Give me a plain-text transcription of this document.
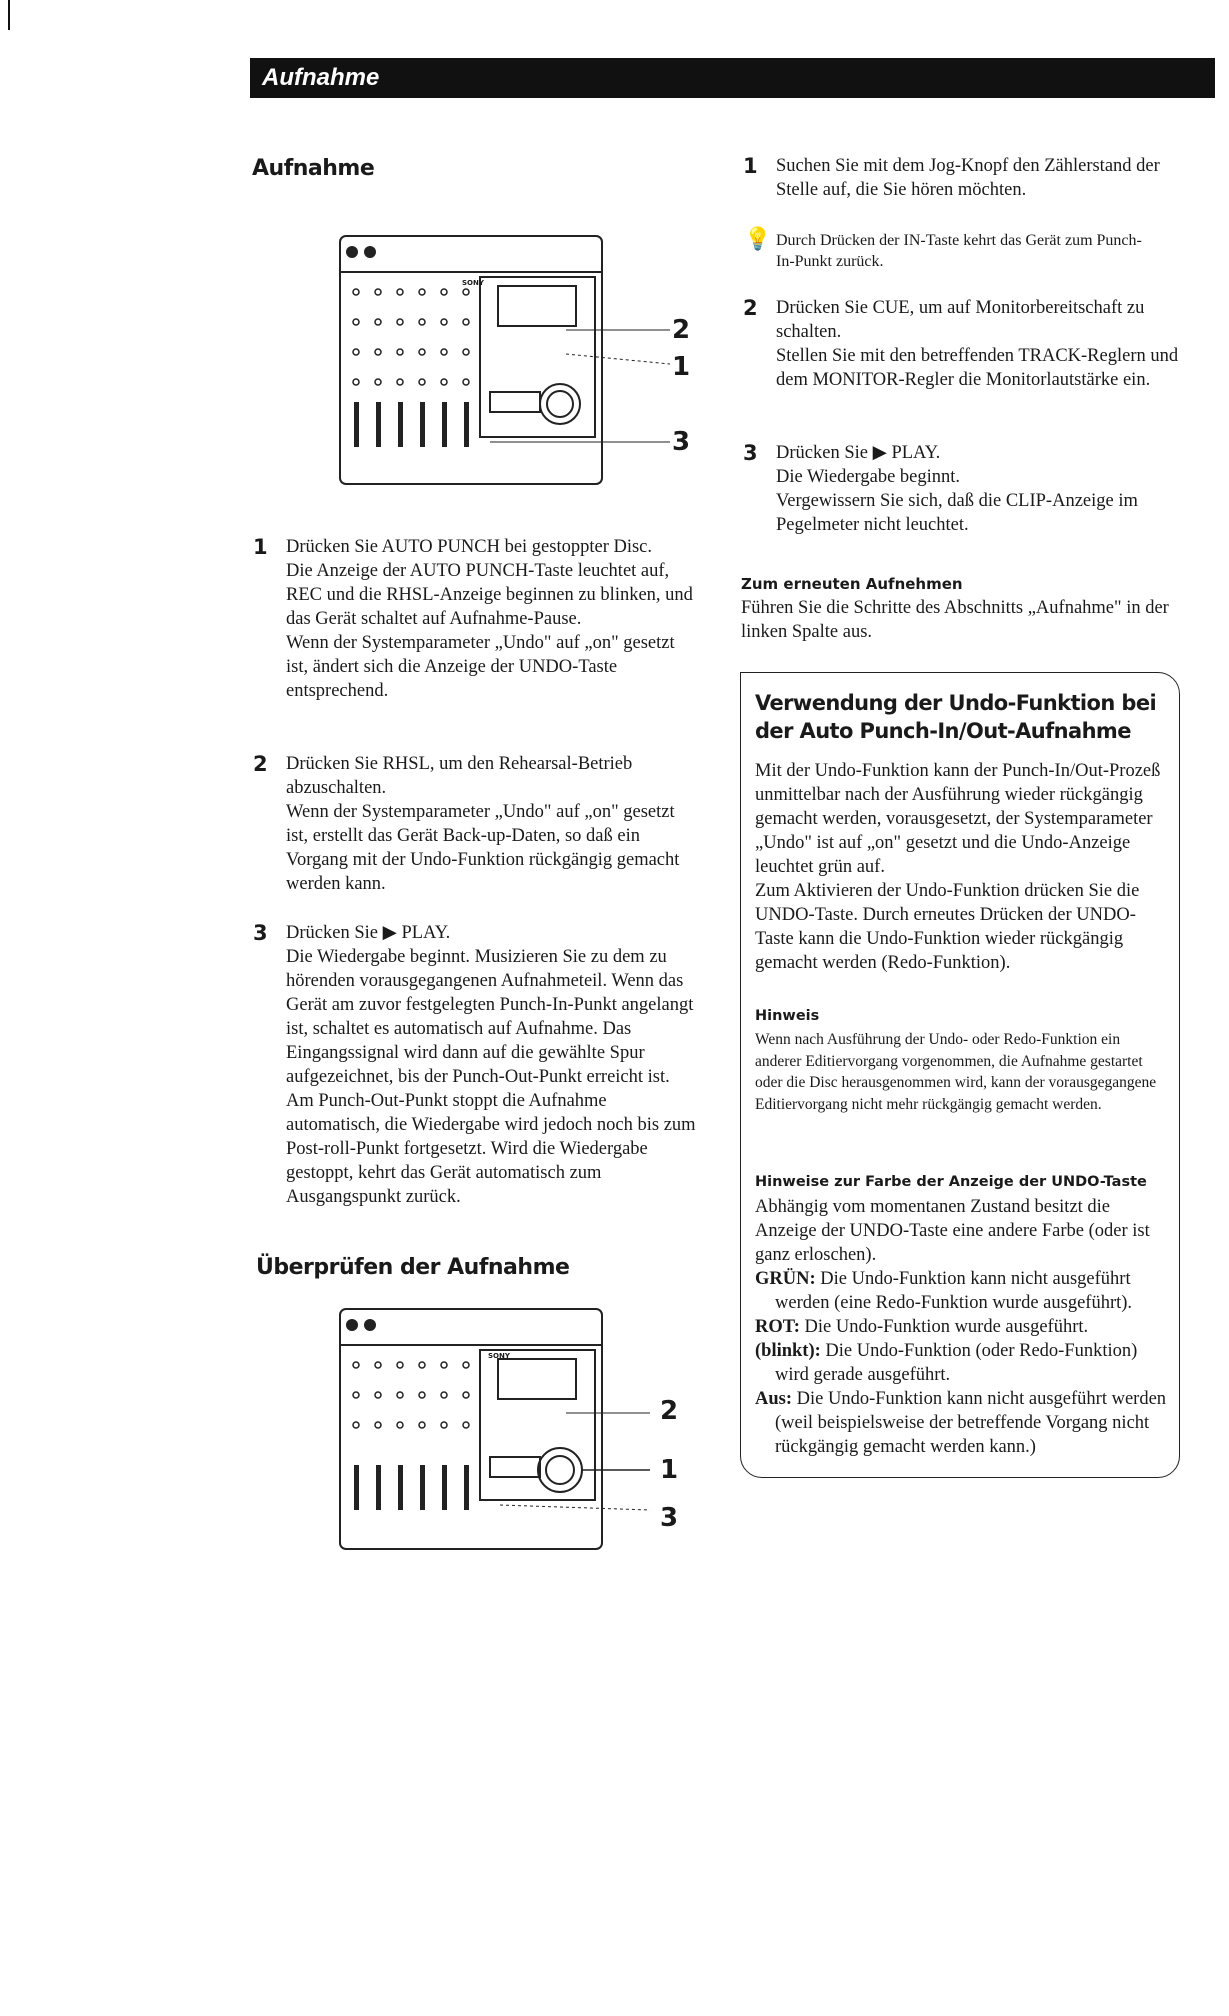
Aufnahme
Aufnahme
SONY
2
1
3
1 Drücken Sie AUTO PUNCH bei gestoppter Disc.

Die Anzeige der AUTO PUNCH-Taste leuchtet auf, REC und die RHSL-Anzeige beginnen zu blinken, und das Gerät schaltet auf Aufnahme-Pause.

Wenn der Systemparameter „Undo" auf „on" gesetzt ist, ändert sich die Anzeige der UNDO-Taste entsprechend.

2 Drücken Sie RHSL, um den Rehearsal-Betrieb abzuschalten.

Wenn der Systemparameter „Undo" auf „on" gesetzt ist, erstellt das Gerät Back-up-Daten, so daß ein Vorgang mit der Undo-Funktion rückgängig gemacht werden kann.

3 Drücken Sie ▶ PLAY.

Die Wiedergabe beginnt. Musizieren Sie zu dem zu hörenden vorausgegangenen Aufnahmeteil. Wenn das Gerät am zuvor festgelegten Punch-In-Punkt angelangt ist, schaltet es automatisch auf Aufnahme. Das Eingangssignal wird dann auf die gewählte Spur aufgezeichnet, bis der Punch-Out-Punkt erreicht ist. Am Punch-Out-Punkt stoppt die Aufnahme automatisch, die Wiedergabe wird jedoch noch bis zum Post-roll-Punkt fortgesetzt. Wird die Wiedergabe gestoppt, kehrt das Gerät automatisch zum Ausgangspunkt zurück.

Überprüfen der Aufnahme
SONY
2
1
3
1 Suchen Sie mit dem Jog-Knopf den Zählerstand der Stelle auf, die Sie hören möchten.

💡 Durch Drücken der IN-Taste kehrt das Gerät zum Punch-In-Punkt zurück.
2 Drücken Sie CUE, um auf Monitorbereitschaft zu schalten.

Stellen Sie mit den betreffenden TRACK-Reglern und dem MONITOR-Regler die Monitorlautstärke ein.

3 Drücken Sie ▶ PLAY.

Die Wiedergabe beginnt.

Vergewissern Sie sich, daß die CLIP-Anzeige im Pegelmeter nicht leuchtet.

Zum erneuten Aufnehmen
Führen Sie die Schritte des Abschnitts „Aufnahme" in der linken Spalte aus.
Verwendung der Undo-Funktion bei der Auto Punch-In/Out-Aufnahme
Mit der Undo-Funktion kann der Punch-In/Out-Prozeß unmittelbar nach der Ausführung wieder rückgängig gemacht werden, vorausgesetzt, der Systemparameter „Undo" ist auf „on" gesetzt und die Undo-Anzeige leuchtet grün auf.
Zum Aktivieren der Undo-Funktion drücken Sie die UNDO-Taste. Durch erneutes Drücken der UNDO-Taste kann die Undo-Funktion wieder rückgängig gemacht werden (Redo-Funktion).
Hinweis
Wenn nach Ausführung der Undo- oder Redo-Funktion ein anderer Editiervorgang vorgenommen, die Aufnahme gestartet oder die Disc herausgenommen wird, kann der vorausgegangene Editiervorgang nicht mehr rückgängig gemacht werden.
Hinweise zur Farbe der Anzeige der UNDO-Taste
Abhängig vom momentanen Zustand besitzt die Anzeige der UNDO-Taste eine andere Farbe (oder ist ganz erloschen).

GRÜN: Die Undo-Funktion kann nicht ausgeführt werden (eine Redo-Funktion wurde ausgeführt).

ROT: Die Undo-Funktion wurde ausgeführt.

(blinkt): Die Undo-Funktion (oder Redo-Funktion) wird gerade ausgeführt.

Aus: Die Undo-Funktion kann nicht ausgeführt werden (weil beispielsweise der betreffende Vorgang nicht rückgängig gemacht werden kann.)
